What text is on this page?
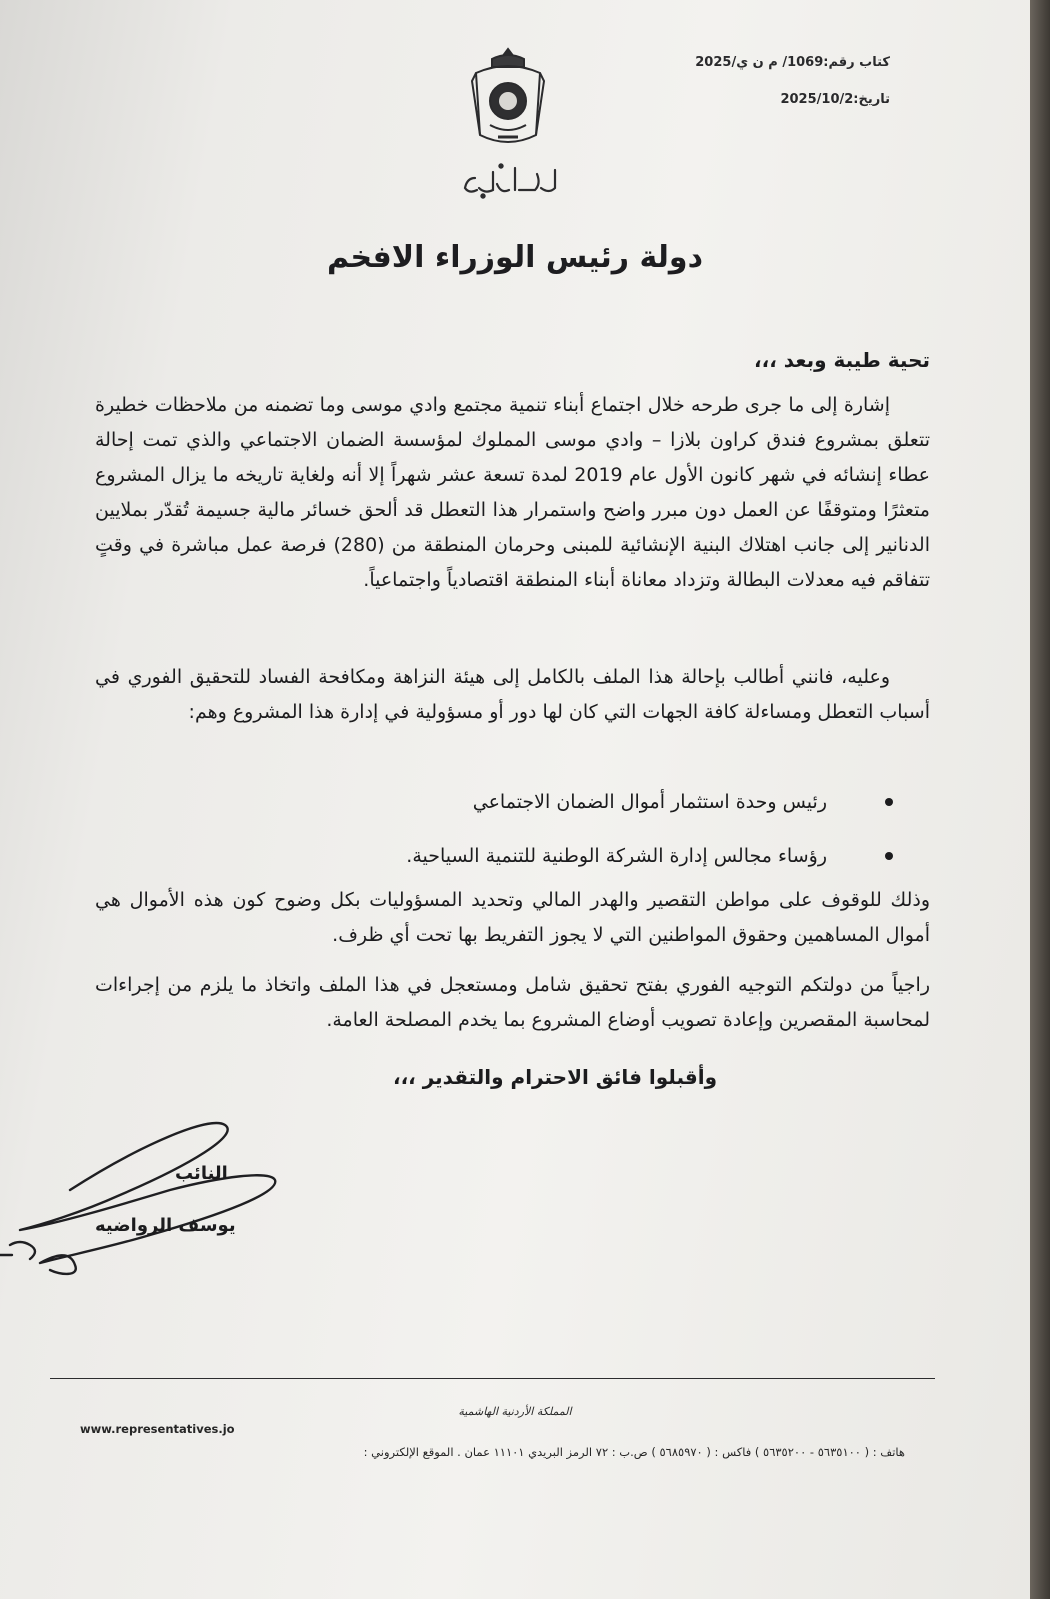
كتاب رقم:1069/ م ن ي/2025
تاريخ:2025/10/2
دولة رئيس الوزراء الافخم
تحية طيبة وبعد ،،،

إشارة إلى ما جرى طرحه خلال اجتماع أبناء تنمية مجتمع وادي موسى وما تضمنه من ملاحظات خطيرة تتعلق بمشروع فندق كراون بلازا – وادي موسى المملوك لمؤسسة الضمان الاجتماعي والذي تمت إحالة عطاء إنشائه في شهر كانون الأول عام 2019 لمدة تسعة عشر شهراً إلا أنه ولغاية تاريخه ما يزال المشروع متعثرًا ومتوقفًا عن العمل دون مبرر واضح واستمرار هذا التعطل قد ألحق خسائر مالية جسيمة تُقدّر بملايين الدنانير إلى جانب اهتلاك البنية الإنشائية للمبنى وحرمان المنطقة من (280) فرصة عمل مباشرة في وقتٍ تتفاقم فيه معدلات البطالة وتزداد معاناة أبناء المنطقة اقتصادياً واجتماعياً.

وعليه، فانني أطالب بإحالة هذا الملف بالكامل إلى هيئة النزاهة ومكافحة الفساد للتحقيق الفوري في أسباب التعطل ومساءلة كافة الجهات التي كان لها دور أو مسؤولية في إدارة هذا المشروع وهم:

رئيس وحدة استثمار أموال الضمان الاجتماعي
رؤساء مجالس إدارة الشركة الوطنية للتنمية السياحية.

وذلك للوقوف على مواطن التقصير والهدر المالي وتحديد المسؤوليات بكل وضوح كون هذه الأموال هي أموال المساهمين وحقوق المواطنين التي لا يجوز التفريط بها تحت أي ظرف.

راجياً من دولتكم التوجيه الفوري بفتح تحقيق شامل ومستعجل في هذا الملف واتخاذ ما يلزم من إجراءات لمحاسبة المقصرين وإعادة تصويب أوضاع المشروع بما يخدم المصلحة العامة.

وأقبلوا فائق الاحترام والتقدير ،،،
النائب
يوسف الرواضيه
المملكة الأردنية الهاشمية
www.representatives.jo
هاتف : ( ٥٦٣٥١٠٠ - ٥٦٣٥٢٠٠ ) فاكس : ( ٥٦٨٥٩٧٠ ) ص.ب : ٧٢ الرمز البريدي ١١١٠١ عمان . الموقع الإلكتروني :
